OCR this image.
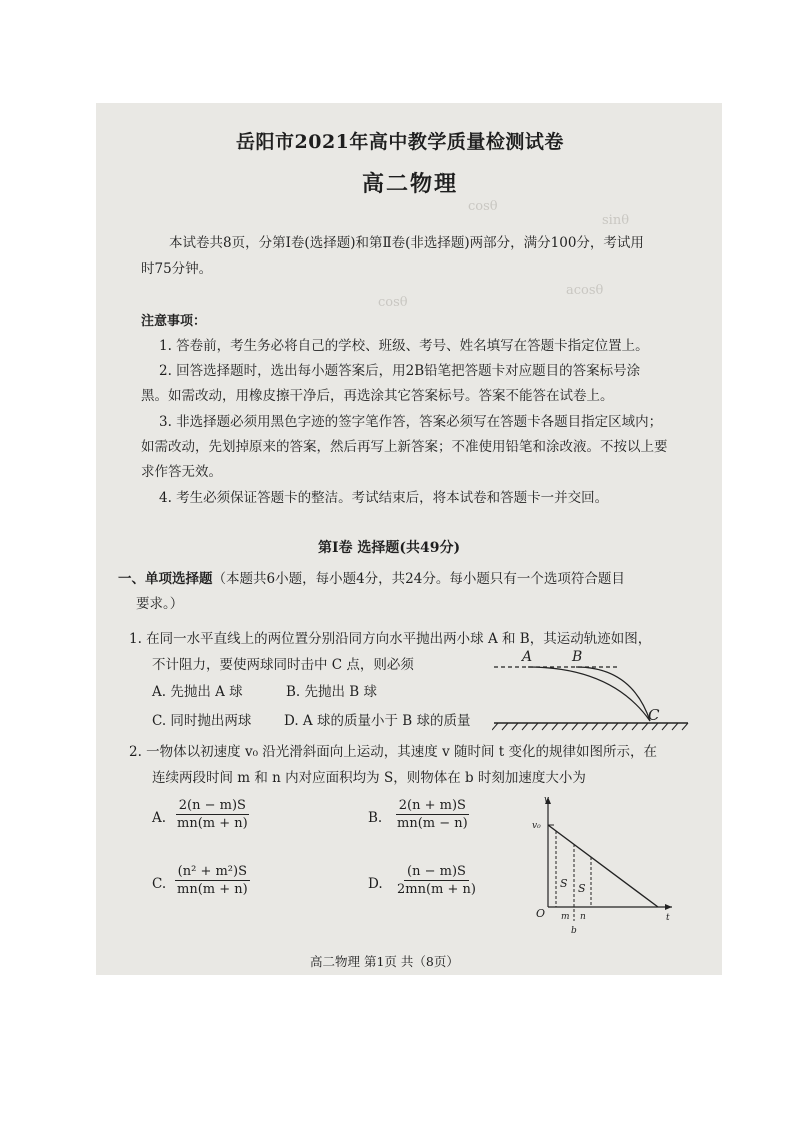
cosθ
sinθ
acosθ
cosθ
岳阳市2021年高中教学质量检测试卷
高二物理
本试卷共8页，分第Ⅰ卷(选择题)和第Ⅱ卷(非选择题)两部分，满分100分，考试用
时75分钟。
注意事项：
1. 答卷前，考生务必将自己的学校、班级、考号、姓名填写在答题卡指定位置上。
2. 回答选择题时，选出每小题答案后，用2B铅笔把答题卡对应题目的答案标号涂
黑。如需改动，用橡皮擦干净后，再选涂其它答案标号。答案不能答在试卷上。
3. 非选择题必须用黑色字迹的签字笔作答，答案必须写在答题卡各题目指定区域内；
如需改动，先划掉原来的答案，然后再写上新答案；不准使用铅笔和涂改液。不按以上要
求作答无效。
4. 考生必须保证答题卡的整洁。考试结束后，将本试卷和答题卡一并交回。
第Ⅰ卷 选择题(共49分)
一、单项选择题（本题共6小题，每小题4分，共24分。每小题只有一个选项符合题目
要求。）
1. 在同一水平直线上的两位置分别沿同方向水平抛出两小球 A 和 B，其运动轨迹如图，
不计阻力，要使两球同时击中 C 点，则必须
A. 先抛出 A 球	B. 先抛出 B 球
C. 同时抛出两球 D. A 球的质量小于 B 球的质量
A	B
C
2. 一物体以初速度 v₀ 沿光滑斜面向上运动，其速度 v 随时间 t 变化的规律如图所示，在
连续两段时间 m 和 n 内对应面积均为 S，则物体在 b 时刻加速度大小为
A. $\frac{2(n - m)S}{mn(m + n)}$	B. $\frac{2(n + m)S}{mn(m - n)}$
C. $\frac{\text{(n² + m²)S}}{mn(m + n)}$	D. $\frac{(n - m)S}{2mn(m + n)}$
v
v₀
O	t
S S
m n
b
高二物理 第1页 共（8页）
